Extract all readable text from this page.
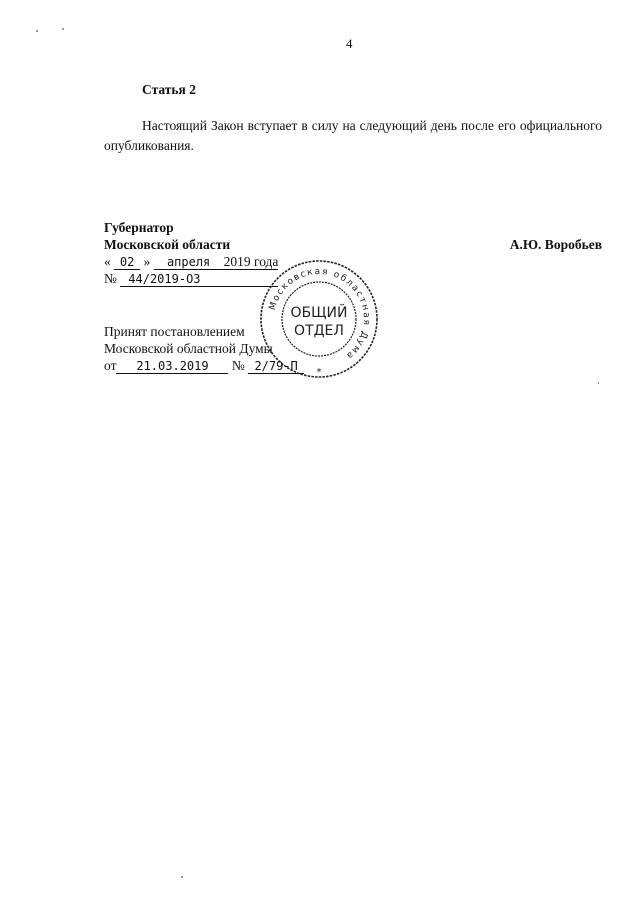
4
Статья 2
Настоящий Закон вступает в силу на следующий день после его официального опубликования.
Губернатор
Московской области	А.Ю. Воробьев
« 02 » апреля 2019 года
№ 44/2019-ОЗ
Принят постановлением
Московской областной Думы
от 21.03.2019 № 2/79-П
Московская областная Дума
*
ОБЩИЙ
ОТДЕЛ
